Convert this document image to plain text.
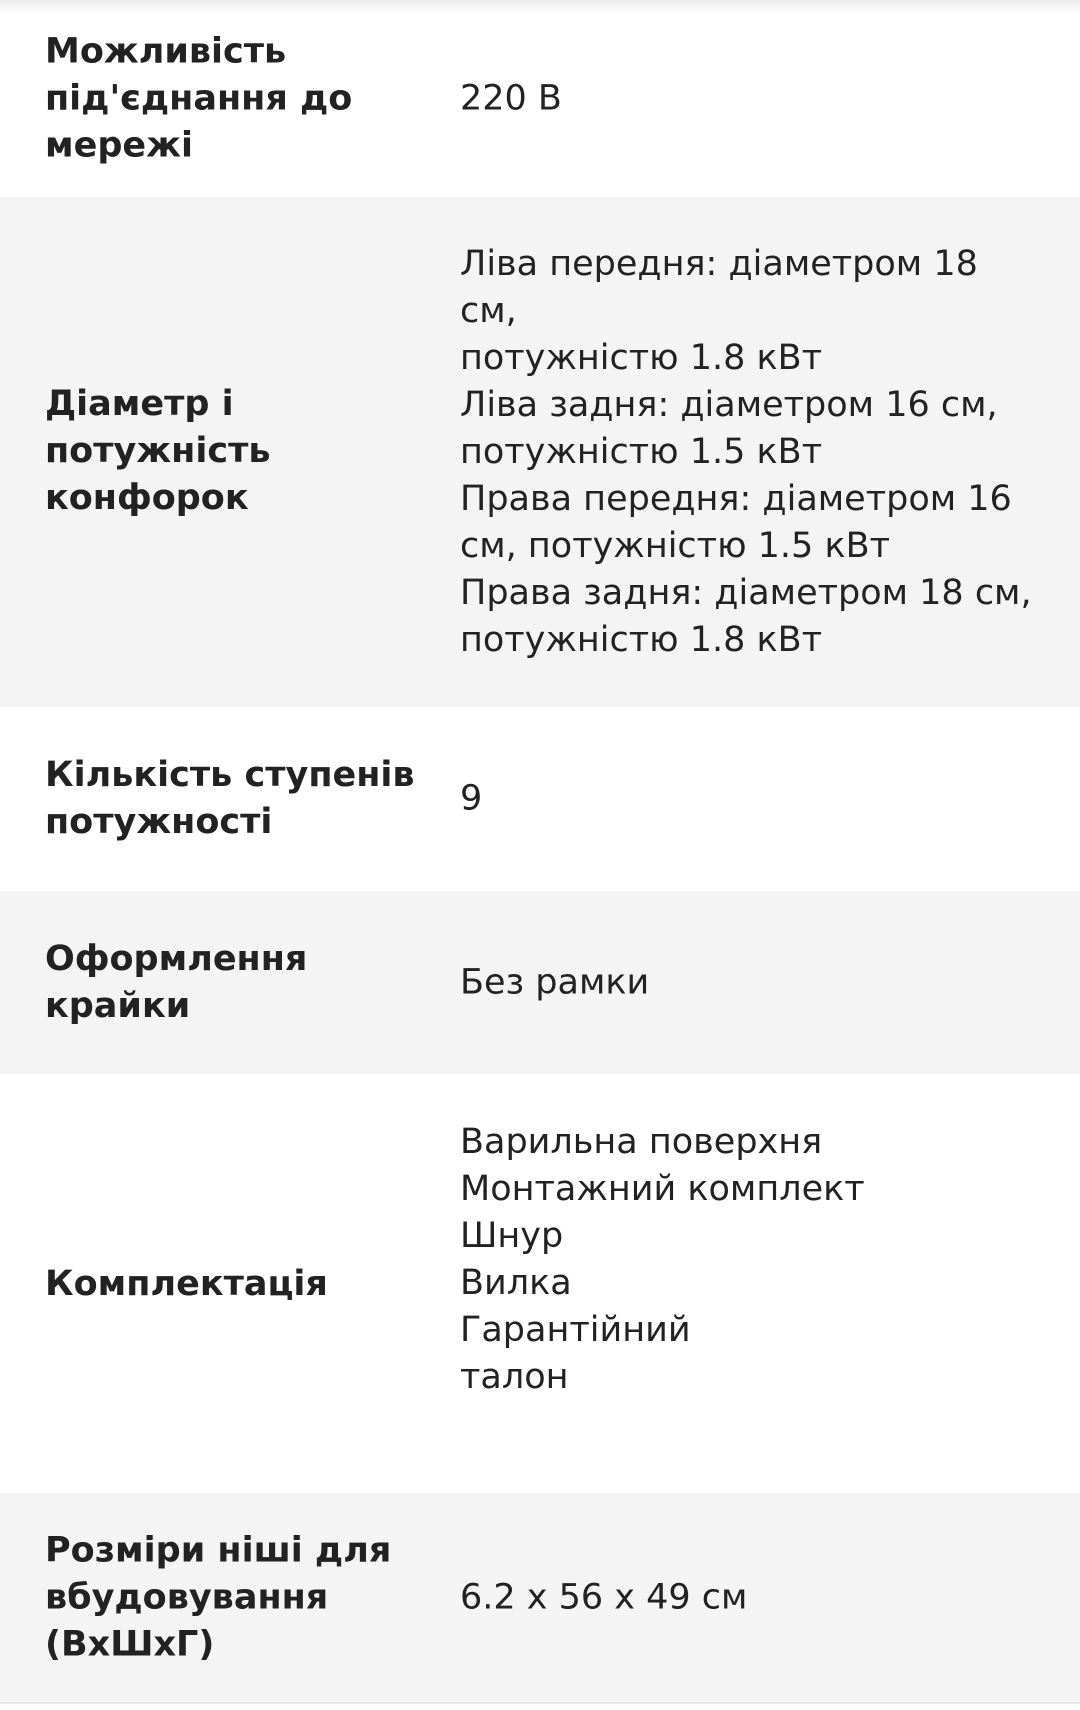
Можливість під'єднання до мережі
220 В
Діаметр і потужність конфорок
Ліва передня: діаметром 18 см,
потужністю 1.8 кВт
Ліва задня: діаметром 16 см,
потужністю 1.5 кВт
Права передня: діаметром 16
см, потужністю 1.5 кВт
Права задня: діаметром 18 см,
потужністю 1.8 кВт
Кількість ступенів потужності
9
Оформлення крайки
Без рамки
Комплектація
Варильна поверхня
Монтажний комплект
Шнур
Вилка
Гарантійний
талон
Розміри ніші для вбудовування (ВхШхГ)
6.2 х 56 х 49 см
